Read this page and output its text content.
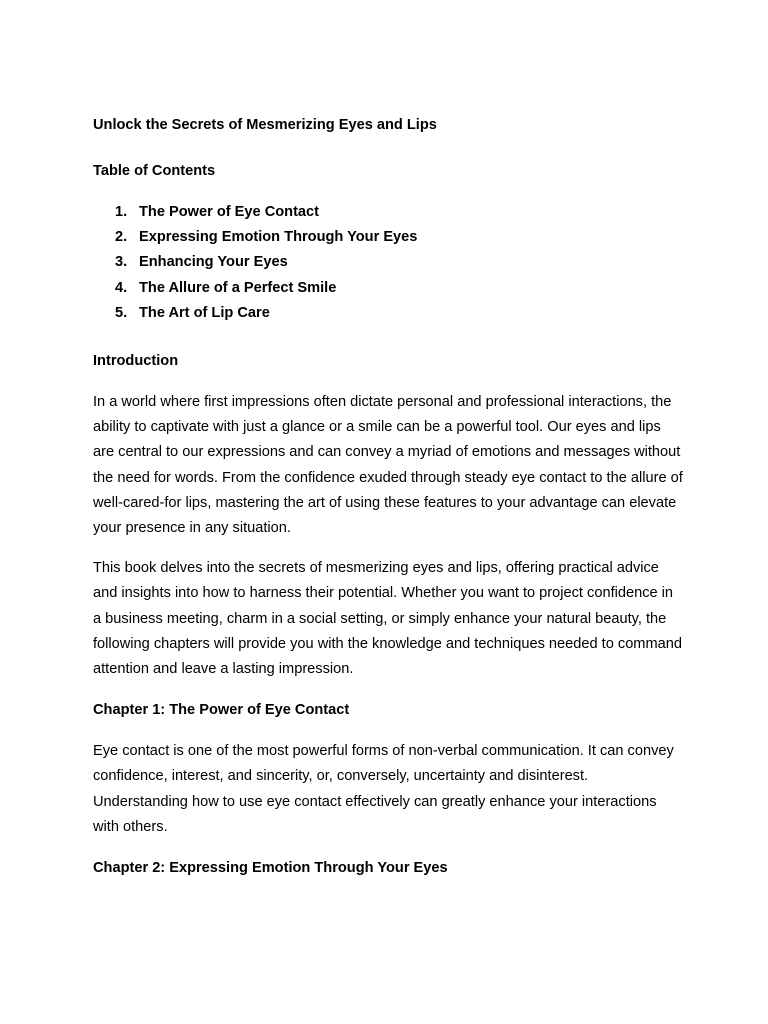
Unlock the Secrets of Mesmerizing Eyes and Lips
Table of Contents
1. The Power of Eye Contact
2. Expressing Emotion Through Your Eyes
3. Enhancing Your Eyes
4. The Allure of a Perfect Smile
5. The Art of Lip Care
Introduction

In a world where first impressions often dictate personal and professional interactions, the ability to captivate with just a glance or a smile can be a powerful tool. Our eyes and lips are central to our expressions and can convey a myriad of emotions and messages without the need for words. From the confidence exuded through steady eye contact to the allure of well-cared-for lips, mastering the art of using these features to your advantage can elevate your presence in any situation.

This book delves into the secrets of mesmerizing eyes and lips, offering practical advice and insights into how to harness their potential. Whether you want to project confidence in a business meeting, charm in a social setting, or simply enhance your natural beauty, the following chapters will provide you with the knowledge and techniques needed to command attention and leave a lasting impression.

Chapter 1: The Power of Eye Contact

Eye contact is one of the most powerful forms of non-verbal communication. It can convey confidence, interest, and sincerity, or, conversely, uncertainty and disinterest. Understanding how to use eye contact effectively can greatly enhance your interactions with others.

Chapter 2: Expressing Emotion Through Your Eyes
